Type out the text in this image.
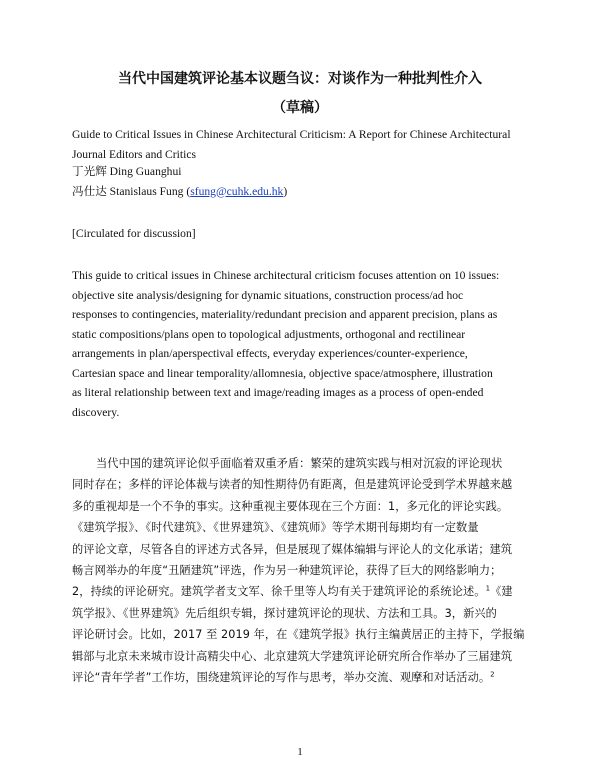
当代中国建筑评论基本议题刍议：对谈作为一种批判性介入
（草稿）
Guide to Critical Issues in Chinese Architectural Criticism: A Report for Chinese Architectural
Journal Editors and Critics
丁光辉 Ding Guanghui
冯仕达 Stanislaus Fung (sfung@cuhk.edu.hk)
[Circulated for discussion]
This guide to critical issues in Chinese architectural criticism focuses attention on 10 issues:
objective site analysis/designing for dynamic situations, construction process/ad hoc
responses to contingencies, materiality/redundant precision and apparent precision, plans as
static compositions/plans open to topological adjustments, orthogonal and rectilinear
arrangements in plan/aperspectival effects, everyday experiences/counter-experience,
Cartesian space and linear temporality/allomnesia, objective space/atmosphere, illustration
as literal relationship between text and image/reading images as a process of open-ended
discovery.
当代中国的建筑评论似乎面临着双重矛盾：繁荣的建筑实践与相对沉寂的评论现状
同时存在；多样的评论体裁与读者的知性期待仍有距离，但是建筑评论受到学术界越来越
多的重视却是一个不争的事实。这种重视主要体现在三个方面：1，多元化的评论实践。
《建筑学报》、《时代建筑》、《世界建筑》、《建筑师》等学术期刊每期均有一定数量
的评论文章，尽管各自的评述方式各异，但是展现了媒体编辑与评论人的文化承诺；建筑
畅言网举办的年度“丑陋建筑”评选，作为另一种建筑评论，获得了巨大的网络影响力；
2，持续的评论研究。建筑学者支文军、徐千里等人均有关于建筑评论的系统论述。$^1$《建
筑学报》、《世界建筑》先后组织专辑，探讨建筑评论的现状、方法和工具。3，新兴的
评论研讨会。比如，2017 至 2019 年，在《建筑学报》执行主编黄居正的主持下，学报编
辑部与北京未来城市设计高精尖中心、北京建筑大学建筑评论研究所合作举办了三届建筑
评论“青年学者”工作坊，围绕建筑评论的写作与思考，举办交流、观摩和对话活动。$^2$
1
